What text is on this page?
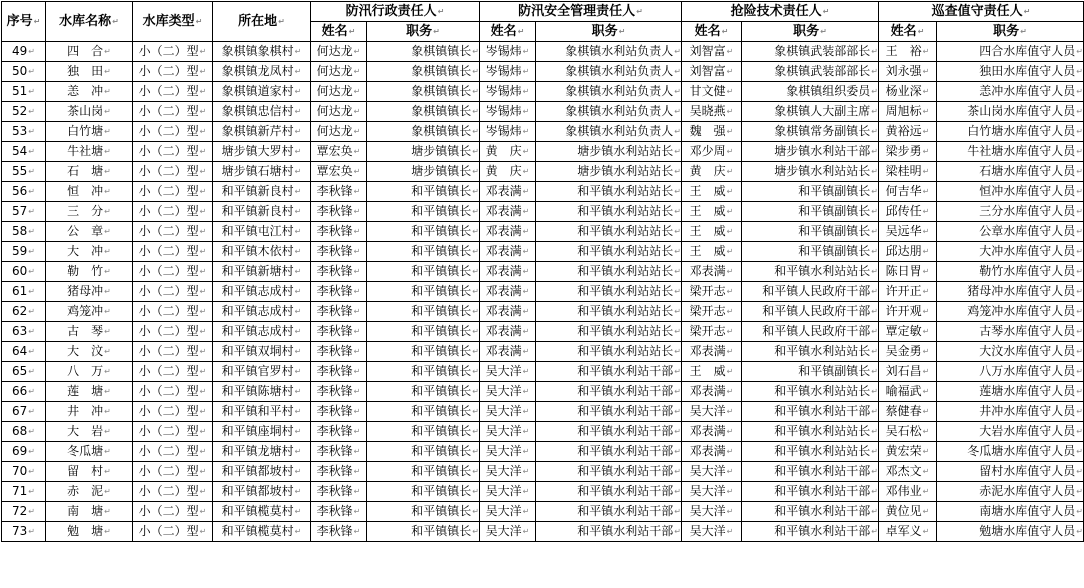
序号↵	水库名称↵	水库类型↵	所在地↵	防汛行政责任人↵		防汛安全管理责任人↵		抢险技术责任人↵		巡查值守责任人↵
				姓名↵	职务↵	姓名↵	职务↵	姓名↵	职务↵	姓名↵	职务↵
49↵	四　合↵	小（二）型↵	象棋镇象棋村↵	何达龙↵	象棋镇镇长↵	岑锡炜↵	象棋镇水利站负责人↵	刘智富↵	象棋镇武装部部长↵	王　裕↵	四合水库值守人员↵
50↵	独　田↵	小（二）型↵	象棋镇龙凤村↵	何达龙↵	象棋镇镇长↵	岑锡炜↵	象棋镇水利站负责人↵	刘智富↵	象棋镇武装部部长↵	刘永强↵	独田水库值守人员↵
51↵	恙　冲↵	小（二）型↵	象棋镇道家村↵	何达龙↵	象棋镇镇长↵	岑锡炜↵	象棋镇水利站负责人↵	甘文健↵	象棋镇组织委员↵	杨业深↵	恙冲水库值守人员↵
52↵	茶山岗↵	小（二）型↵	象棋镇忠信村↵	何达龙↵	象棋镇镇长↵	岑锡炜↵	象棋镇水利站负责人↵	吴晓燕↵	象棋镇人大副主席↵	周旭标↵	茶山岗水库值守人员↵
53↵	白竹塘↵	小（二）型↵	象棋镇新芹村↵	何达龙↵	象棋镇镇长↵	岑锡炜↵	象棋镇水利站负责人↵	魏　强↵	象棋镇常务副镇长↵	黄裕远↵	白竹塘水库值守人员↵
54↵	牛社塘↵	小（二）型↵	塘步镇大罗村↵	覃宏奂↵	塘步镇镇长↵	黄　庆↵	塘步镇水利站站长↵	邓少周↵	塘步镇水利站干部↵	梁步勇↵	牛社塘水库值守人员↵
55↵	石　塘↵	小（二）型↵	塘步镇石塘村↵	覃宏奂↵	塘步镇镇长↵	黄　庆↵	塘步镇水利站站长↵	黄　庆↵	塘步镇水利站站长↵	梁桂明↵	石塘水库值守人员↵
56↵	恒　冲↵	小（二）型↵	和平镇新良村↵	李秋锋↵	和平镇镇长↵	邓表满↵	和平镇水利站站长↵	王　威↵	和平镇副镇长↵	何吉华↵	恒冲水库值守人员↵
57↵	三　分↵	小（二）型↵	和平镇新良村↵	李秋锋↵	和平镇镇长↵	邓表满↵	和平镇水利站站长↵	王　威↵	和平镇副镇长↵	邱传任↵	三分水库值守人员↵
58↵	公　章↵	小（二）型↵	和平镇屯江村↵	李秋锋↵	和平镇镇长↵	邓表满↵	和平镇水利站站长↵	王　威↵	和平镇副镇长↵	吴远华↵	公章水库值守人员↵
59↵	大　冲↵	小（二）型↵	和平镇木依村↵	李秋锋↵	和平镇镇长↵	邓表满↵	和平镇水利站站长↵	王　威↵	和平镇副镇长↵	邱达朋↵	大冲水库值守人员↵
60↵	勒　竹↵	小（二）型↵	和平镇新塘村↵	李秋锋↵	和平镇镇长↵	邓表满↵	和平镇水利站站长↵	邓表满↵	和平镇水利站站长↵	陈日胃↵	勒竹水库值守人员↵
61↵	猪母冲↵	小（二）型↵	和平镇志成村↵	李秋锋↵	和平镇镇长↵	邓表满↵	和平镇水利站站长↵	梁开志↵	和平镇人民政府干部↵	许开正↵	猪母冲水库值守人员↵
62↵	鸡笼冲↵	小（二）型↵	和平镇志成村↵	李秋锋↵	和平镇镇长↵	邓表满↵	和平镇水利站站长↵	梁开志↵	和平镇人民政府干部↵	许开观↵	鸡笼冲水库值守人员↵
63↵	古　琴↵	小（二）型↵	和平镇志成村↵	李秋锋↵	和平镇镇长↵	邓表满↵	和平镇水利站站长↵	梁开志↵	和平镇人民政府干部↵	覃定敏↵	古琴水库值守人员↵
64↵	大　汶↵	小（二）型↵	和平镇双垌村↵	李秋锋↵	和平镇镇长↵	邓表满↵	和平镇水利站站长↵	邓表满↵	和平镇水利站站长↵	吴金勇↵	大汶水库值守人员↵
65↵	八　万↵	小（二）型↵	和平镇官罗村↵	李秋锋↵	和平镇镇长↵	吴大洋↵	和平镇水利站干部↵	王　威↵	和平镇副镇长↵	刘石昌↵	八万水库值守人员↵
66↵	莲　塘↵	小（二）型↵	和平镇陈塘村↵	李秋锋↵	和平镇镇长↵	吴大洋↵	和平镇水利站干部↵	邓表满↵	和平镇水利站站长↵	喻福武↵	莲塘水库值守人员↵
67↵	井　冲↵	小（二）型↵	和平镇和平村↵	李秋锋↵	和平镇镇长↵	吴大洋↵	和平镇水利站干部↵	吴大洋↵	和平镇水利站干部↵	蔡健春↵	井冲水库值守人员↵
68↵	大　岩↵	小（二）型↵	和平镇座垌村↵	李秋锋↵	和平镇镇长↵	吴大洋↵	和平镇水利站干部↵	邓表满↵	和平镇水利站站长↵	吴石松↵	大岩水库值守人员↵
69↵	冬瓜塘↵	小（二）型↵	和平镇龙塘村↵	李秋锋↵	和平镇镇长↵	吴大洋↵	和平镇水利站干部↵	邓表满↵	和平镇水利站站长↵	黄宏荣↵	冬瓜塘水库值守人员↵
70↵	留　村↵	小（二）型↵	和平镇都坡村↵	李秋锋↵	和平镇镇长↵	吴大洋↵	和平镇水利站干部↵	吴大洋↵	和平镇水利站干部↵	邓杰文↵	留村水库值守人员↵
71↵	赤　泥↵	小（二）型↵	和平镇都坡村↵	李秋锋↵	和平镇镇长↵	吴大洋↵	和平镇水利站干部↵	吴大洋↵	和平镇水利站干部↵	邓伟业↵	赤泥水库值守人员↵
72↵	南　塘↵	小（二）型↵	和平镇榄莫村↵	李秋锋↵	和平镇镇长↵	吴大洋↵	和平镇水利站干部↵	吴大洋↵	和平镇水利站干部↵	黄位见↵	南塘水库值守人员↵
73↵	勉　塘↵	小（二）型↵	和平镇榄莫村↵	李秋锋↵	和平镇镇长↵	吴大洋↵	和平镇水利站干部↵	吴大洋↵	和平镇水利站干部↵	卓军义↵	勉塘水库值守人员↵
